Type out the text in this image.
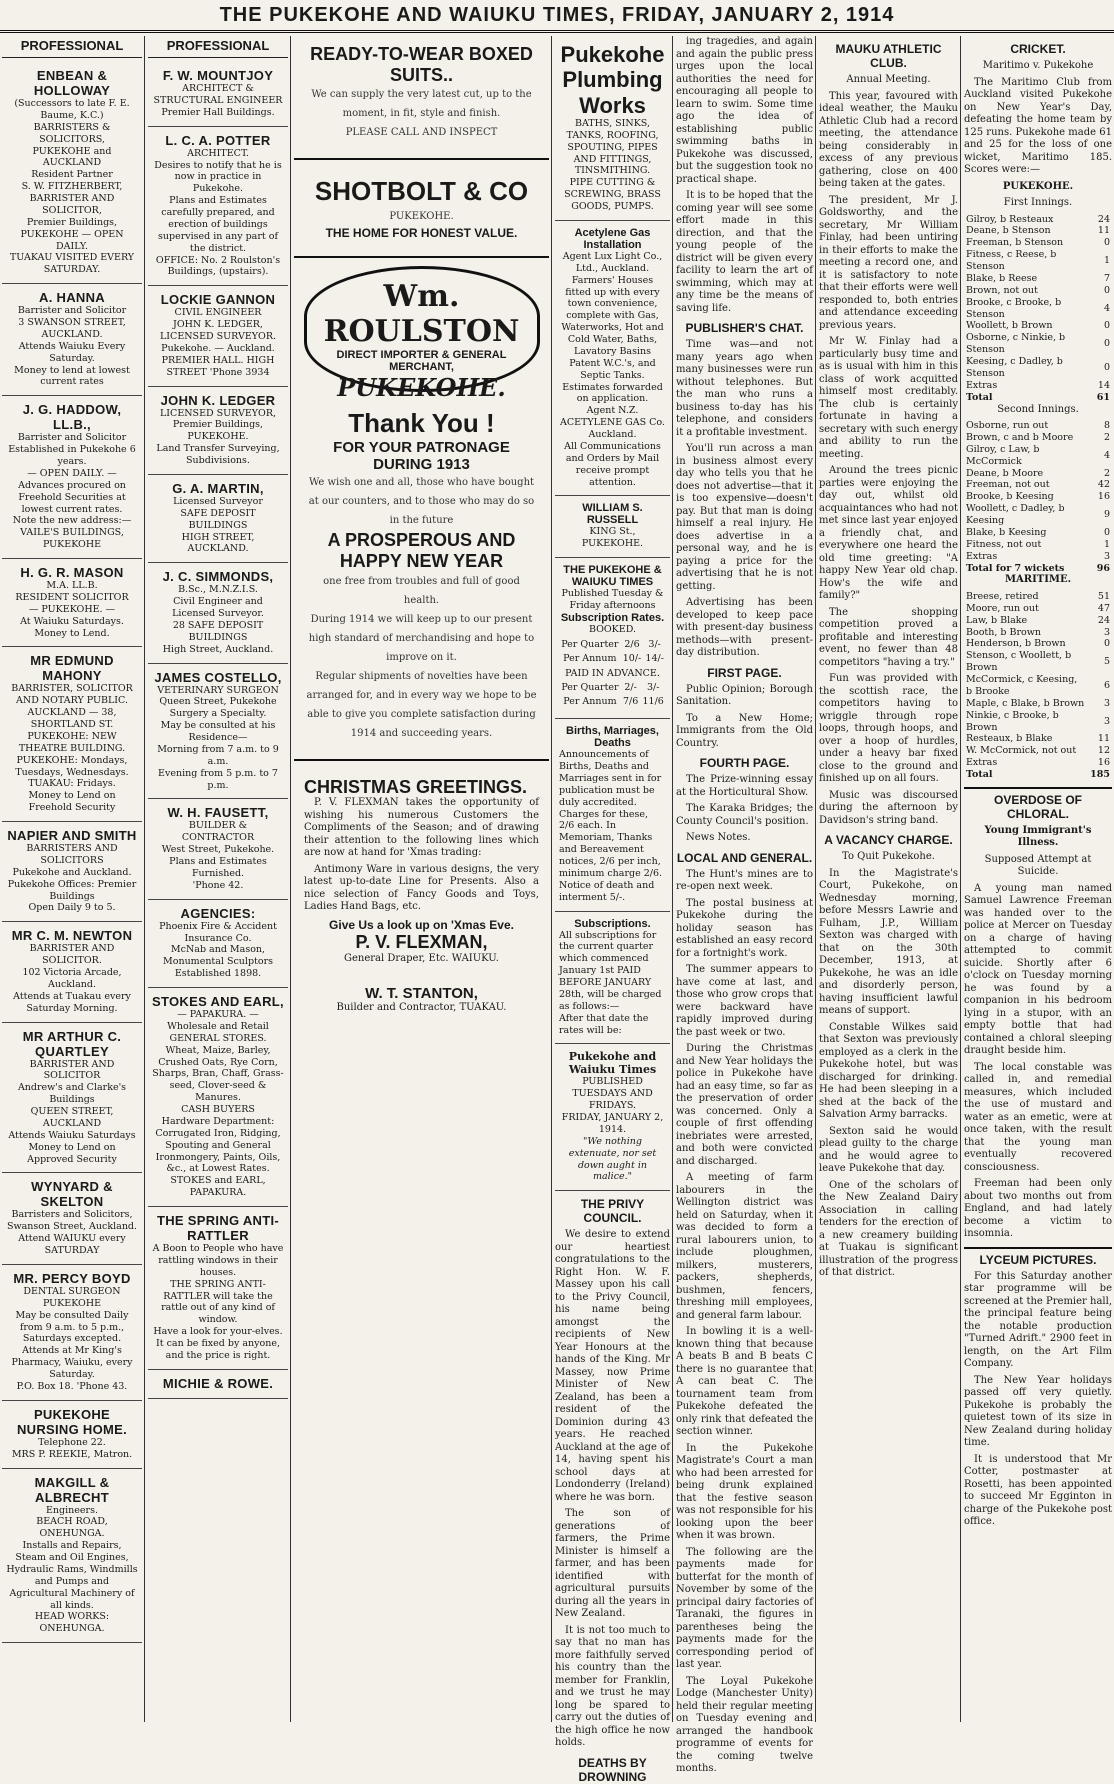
THE PUKEKOHE AND WAIUKU TIMES, FRIDAY, JANUARY 2, 1914
PROFESSIONAL
ENBEAN & HOLLOWAY
(Successors to late F. E. Baume, K.C.)
BARRISTERS & SOLICITORS,
PUKEKOHE and AUCKLAND
Resident Partner
S. W. FITZHERBERT,
BARRISTER AND SOLICITOR,
Premier Buildings,
PUKEKOHE — OPEN DAILY.
TUAKAU VISITED EVERY SATURDAY.
A. HANNA
Barrister and Solicitor
3 SWANSON STREET, AUCKLAND.
Attends Waiuku Every Saturday.
Money to lend at lowest current rates
J. G. HADDOW, LL.B.,
Barrister and Solicitor
Established in Pukekohe 6 years.
— OPEN DAILY. —
Advances procured on Freehold Securities at lowest current rates.
Note the new address:—
VAILE'S BUILDINGS, PUKEKOHE
H. G. R. MASON
M.A. LL.B.
RESIDENT SOLICITOR
— PUKEKOHE. —
At Waiuku Saturdays.
Money to Lend.
MR EDMUND MAHONY
BARRISTER, SOLICITOR AND NOTARY PUBLIC.
AUCKLAND — 38, SHORTLAND ST.
PUKEKOHE: NEW THEATRE BUILDING.
PUKEKOHE: Mondays, Tuesdays, Wednesdays.
TUAKAU: Fridays.
Money to Lend on Freehold Security
NAPIER AND SMITH
BARRISTERS AND SOLICITORS
Pukekohe and Auckland.
Pukekohe Offices: Premier Buildings
Open Daily 9 to 5.
MR C. M. NEWTON
BARRISTER AND SOLICITOR.
102 Victoria Arcade, Auckland.
Attends at Tuakau every Saturday Morning.
MR ARTHUR C. QUARTLEY
BARRISTER AND SOLICITOR
Andrew's and Clarke's Buildings
QUEEN STREET, AUCKLAND
Attends Waiuku Saturdays
Money to Lend on Approved Security
WYNYARD & SKELTON
Barristers and Solicitors,
Swanson Street, Auckland.
Attend WAIUKU every SATURDAY
MR. PERCY BOYD
DENTAL SURGEON
PUKEKOHE
May be consulted Daily from 9 a.m. to 5 p.m., Saturdays excepted.
Attends at Mr King's Pharmacy, Waiuku, every Saturday.
P.O. Box 18. 'Phone 43.
PUKEKOHE NURSING HOME.
Telephone 22.
MRS P. REEKIE, Matron.
MAKGILL & ALBRECHT
Engineers.
BEACH ROAD, ONEHUNGA.
Installs and Repairs, Steam and Oil Engines, Hydraulic Rams, Windmills and Pumps and Agricultural Machinery of all kinds.
HEAD WORKS: ONEHUNGA.
PROFESSIONAL
F. W. MOUNTJOY
ARCHITECT & STRUCTURAL ENGINEER
Premier Hall Buildings.
L. C. A. POTTER
ARCHITECT.
Desires to notify that he is now in practice in Pukekohe.
Plans and Estimates carefully prepared, and erection of buildings supervised in any part of the district.
OFFICE: No. 2 Roulston's Buildings, (upstairs).
LOCKIE GANNON
CIVIL ENGINEER
JOHN K. LEDGER, LICENSED SURVEYOR.
Pukekohe. — Auckland.
PREMIER HALL. HIGH STREET 'Phone 3934
JOHN K. LEDGER
LICENSED SURVEYOR,
Premier Buildings,
PUKEKOHE.
Land Transfer Surveying, Subdivisions.
G. A. MARTIN,
Licensed Surveyor
SAFE DEPOSIT BUILDINGS
HIGH STREET, AUCKLAND.
J. C. SIMMONDS,
B.Sc., M.N.Z.I.S.
Civil Engineer and Licensed Surveyor.
28 SAFE DEPOSIT BUILDINGS
High Street, Auckland.
JAMES COSTELLO,
VETERINARY SURGEON
Queen Street, Pukekohe
Surgery a Specialty.
May be consulted at his Residence—
Morning from 7 a.m. to 9 a.m.
Evening from 5 p.m. to 7 p.m.
W. H. FAUSETT,
BUILDER & CONTRACTOR
West Street, Pukekohe.
Plans and Estimates Furnished.
'Phone 42.
AGENCIES:
Phoenix Fire & Accident Insurance Co.
McNab and Mason, Monumental Sculptors
Established 1898.
STOKES AND EARL,
— PAPAKURA. —
Wholesale and Retail
GENERAL STORES.
Wheat, Maize, Barley, Crushed Oats, Rye Corn, Sharps, Bran, Chaff, Grass-seed, Clover-seed & Manures.
CASH BUYERS
Hardware Department:
Corrugated Iron, Ridging, Spouting and General Ironmongery, Paints, Oils, &c., at Lowest Rates.
STOKES and EARL, PAPAKURA.
THE SPRING ANTI-RATTLER
A Boon to People who have rattling windows in their houses.
THE SPRING ANTI-RATTLER will take the rattle out of any kind of window.
Have a look for your-elves. It can be fixed by anyone, and the price is right.
MICHIE & ROWE.
READY-TO-WEAR BOXED SUITS..
We can supply the very latest cut, up to the moment, in fit, style and finish.
PLEASE CALL AND INSPECT
SHOTBOLT & CO
PUKEKOHE.
THE HOME FOR HONEST VALUE.
Wm. ROULSTON
DIRECT IMPORTER & GENERAL MERCHANT,
PUKEKOHE.
Thank You !
FOR YOUR PATRONAGE DURING 1913
We wish one and all, those who have bought at our counters, and to those who may do so in the future
A PROSPEROUS AND HAPPY NEW YEAR
one free from troubles and full of good health.
During 1914 we will keep up to our present high standard of merchandising and hope to improve on it.
Regular shipments of novelties have been arranged for, and in every way we hope to be able to give you complete satisfaction during 1914 and succeeding years.
CHRISTMAS GREETINGS.
P. V. FLEXMAN takes the opportunity of wishing his numerous Customers the Compliments of the Season; and of drawing their attention to the following lines which are now at hand for 'Xmas trading:
Antimony Ware in various designs, the very latest up-to-date Line for Presents. Also a nice selection of Fancy Goods and Toys, Ladies Hand Bags, etc.
Give Us a look up on 'Xmas Eve.
P. V. FLEXMAN,
General Draper, Etc. WAIUKU.
W. T. STANTON,
Builder and Contractor, TUAKAU.
Pukekohe Plumbing Works
BATHS, SINKS, TANKS, ROOFING, SPOUTING, PIPES AND FITTINGS, TINSMITHING.
PIPE CUTTING & SCREWING, BRASS GOODS, PUMPS.
Acetylene Gas Installation
Agent Lux Light Co., Ltd., Auckland.
Farmers' Houses fitted up with every town convenience, complete with Gas, Waterworks, Hot and Cold Water, Baths, Lavatory Basins Patent W.C.'s, and Septic Tanks.
Estimates forwarded on application.
Agent N.Z. ACETYLENE GAS Co. Auckland.
All Communications and Orders by Mail receive prompt attention.
WILLIAM S. RUSSELL
KING St., PUKEKOHE.
THE PUKEKOHE & WAIUKU TIMES
Published Tuesday & Friday afternoons
Subscription Rates.
BOOKED.
Per Quarter	2/6	3/-
Per Annum	10/-	14/-
PAID IN ADVANCE.
Per Quarter	2/-	3/-
Per Annum	7/6	11/6
Births, Marriages, Deaths
Announcements of Births, Deaths and Marriages sent in for publication must be duly accredited. Charges for these, 2/6 each. In Memoriam, Thanks and Bereavement notices, 2/6 per inch, minimum charge 2/6. Notice of death and interment 5/-.
Subscriptions.
All subscriptions for the current quarter which commenced January 1st PAID BEFORE JANUARY 28th, will be charged as follows:—
After that date the rates will be:
Pukekohe and Waiuku Times
PUBLISHED TUESDAYS AND FRIDAYS.
FRIDAY, JANUARY 2, 1914.
"We nothing extenuate, nor set down aught in malice."
THE PRIVY COUNCIL.

We desire to extend our heartiest congratulations to the Right Hon. W. F. Massey upon his call to the Privy Council, his name being amongst the recipients of New Year Honours at the hands of the King. Mr Massey, now Prime Minister of New Zealand, has been a resident of the Dominion during 43 years. He reached Auckland at the age of 14, having spent his school days at Londonderry (Ireland) where he was born.

The son of generations of farmers, the Prime Minister is himself a farmer, and has been identified with agricultural pursuits during all the years in New Zealand.

It is not too much to say that no man has more faithfully served his country than the member for Franklin, and we trust he may long be spared to carry out the duties of the high office he now holds.

DEATHS BY DROWNING

ing tragedies, and again and again the public press urges upon the local authorities the need for encouraging all people to learn to swim. Some time ago the idea of establishing public swimming baths in Pukekohe was discussed, but the suggestion took no practical shape.

It is to be hoped that the coming year will see some effort made in this direction, and that the young people of the district will be given every facility to learn the art of swimming, which may at any time be the means of saving life.

PUBLISHER'S CHAT.

Time was—and not many years ago when many businesses were run without telephones. But the man who runs a business to-day has his telephone, and considers it a profitable investment.

You'll run across a man in business almost every day who tells you that he does not advertise—that it is too expensive—doesn't pay. But that man is doing himself a real injury. He does advertise in a personal way, and he is paying a price for the advertising that he is not getting.

Advertising has been developed to keep pace with present-day business methods—with present-day distribution.

FIRST PAGE.

Public Opinion; Borough Sanitation.

To a New Home; Immigrants from the Old Country.

FOURTH PAGE.

The Prize-winning essay at the Horticultural Show.

The Karaka Bridges; the County Council's position.

News Notes.

LOCAL AND GENERAL.

The Hunt's mines are to re-open next week.

The postal business at Pukekohe during the holiday season has established an easy record for a fortnight's work.

The summer appears to have come at last, and those who grow crops that were backward have rapidly improved during the past week or two.

During the Christmas and New Year holidays the police in Pukekohe have had an easy time, so far as the preservation of order was concerned. Only a couple of first offending inebriates were arrested, and both were convicted and discharged.

A meeting of farm labourers in the Wellington district was held on Saturday, when it was decided to form a rural labourers union, to include ploughmen, milkers, musterers, packers, shepherds, bushmen, fencers, threshing mill employees, and general farm labour.

In bowling it is a well-known thing that because A beats B and B beats C there is no guarantee that A can beat C. The tournament team from Pukekohe defeated the only rink that defeated the section winner.

In the Pukekohe Magistrate's Court a man who had been arrested for being drunk explained that the festive season was not responsible for his looking upon the beer when it was brown.

The following are the payments made for butterfat for the month of November by some of the principal dairy factories of Taranaki, the figures in parentheses being the payments made for the corresponding period of last year.

The Loyal Pukekohe Lodge (Manchester Unity) held their regular meeting on Tuesday evening and arranged the handbook programme of events for the coming twelve months.

MAUKU ATHLETIC CLUB.
Annual Meeting.

This year, favoured with ideal weather, the Mauku Athletic Club had a record meeting, the attendance being considerably in excess of any previous gathering, close on 400 being taken at the gates.

The president, Mr J. Goldsworthy, and the secretary, Mr William Finlay, had been untiring in their efforts to make the meeting a record one, and it is satisfactory to note that their efforts were well responded to, both entries and attendance exceeding previous years.

Mr W. Finlay had a particularly busy time and as is usual with him in this class of work acquitted himself most creditably. The club is certainly fortunate in having a secretary with such energy and ability to run the meeting.

Around the trees picnic parties were enjoying the day out, whilst old acquaintances who had not met since last year enjoyed a friendly chat, and everywhere one heard the old time greeting: "A happy New Year old chap. How's the wife and family?"

The shopping competition proved a profitable and interesting event, no fewer than 48 competitors "having a try."

Fun was provided with the scottish race, the competitors having to wriggle through rope loops, through hoops, and over a hoop of hurdles, under a heavy bar fixed close to the ground and finished up on all fours.

Music was discoursed during the afternoon by Davidson's string band.

A VACANCY CHARGE.
To Quit Pukekohe.

In the Magistrate's Court, Pukekohe, on Wednesday morning, before Messrs Lawrie and Fulham, J.P., William Sexton was charged with that on the 30th December, 1913, at Pukekohe, he was an idle and disorderly person, having insufficient lawful means of support.

Constable Wilkes said that Sexton was previously employed as a clerk in the Pukekohe hotel, but was discharged for drinking. He had been sleeping in a shed at the back of the Salvation Army barracks.

Sexton said he would plead guilty to the charge and he would agree to leave Pukekohe that day.

One of the scholars of the New Zealand Dairy Association in calling tenders for the erection of a new creamery building at Tuakau is significant illustration of the progress of that district.

CRICKET.
Maritimo v. Pukekohe

The Maritimo Club from Auckland visited Pukekohe on New Year's Day, defeating the home team by 125 runs. Pukekohe made 61 and 25 for the loss of one wicket, Maritimo 185. Scores were:—

PUKEKOHE.
First Innings.
Gilroy, b Resteaux	24
Deane, b Stenson	11
Freeman, b Stenson	0
Fitness, c Reese, b Stenson	1
Blake, b Reese	7
Brown, not out	0
Brooke, c Brooke, b Stenson	4
Woollett, b Brown	0
Osborne, c Ninkie, b Stenson	0
Keesing, c Dadley, b Stenson	0
Extras	14
Total	61
Second Innings.
Osborne, run out	8
Brown, c and b Moore	2
Gilroy, c Law, b McCormick	4
Deane, b Moore	2
Freeman, not out	42
Brooke, b Keesing	16
Woollett, c Dadley, b Keesing	9
Blake, b Keesing	0
Fitness, not out	1
Extras	3
Total for 7 wickets	96
MARITIME.
Breese, retired	51
Moore, run out	47
Law, b Blake	24
Booth, b Brown	3
Henderson, b Brown	0
Stenson, c Woollett, b Brown	5
McCormick, c Keesing, b Brooke	6
Maple, c Blake, b Brown	3
Ninkie, c Brooke, b Brown	3
Resteaux, b Blake	11
W. McCormick, not out	12
Extras	16
Total	185
OVERDOSE OF CHLORAL.
Young Immigrant's Illness.
Supposed Attempt at Suicide.

A young man named Samuel Lawrence Freeman was handed over to the police at Mercer on Tuesday on a charge of having attempted to commit suicide. Shortly after 6 o'clock on Tuesday morning he was found by a companion in his bedroom lying in a stupor, with an empty bottle that had contained a chloral sleeping draught beside him.

The local constable was called in, and remedial measures, which included the use of mustard and water as an emetic, were at once taken, with the result that the young man eventually recovered consciousness.

Freeman had been only about two months out from England, and had lately become a victim to insomnia.

LYCEUM PICTURES.

For this Saturday another star programme will be screened at the Premier hall, the principal feature being the notable production "Turned Adrift." 2900 feet in length, on the Art Film Company.

The New Year holidays passed off very quietly. Pukekohe is probably the quietest town of its size in New Zealand during holiday time.

It is understood that Mr Cotter, postmaster at Rosetti, has been appointed to succeed Mr Egginton in charge of the Pukekohe post office.
